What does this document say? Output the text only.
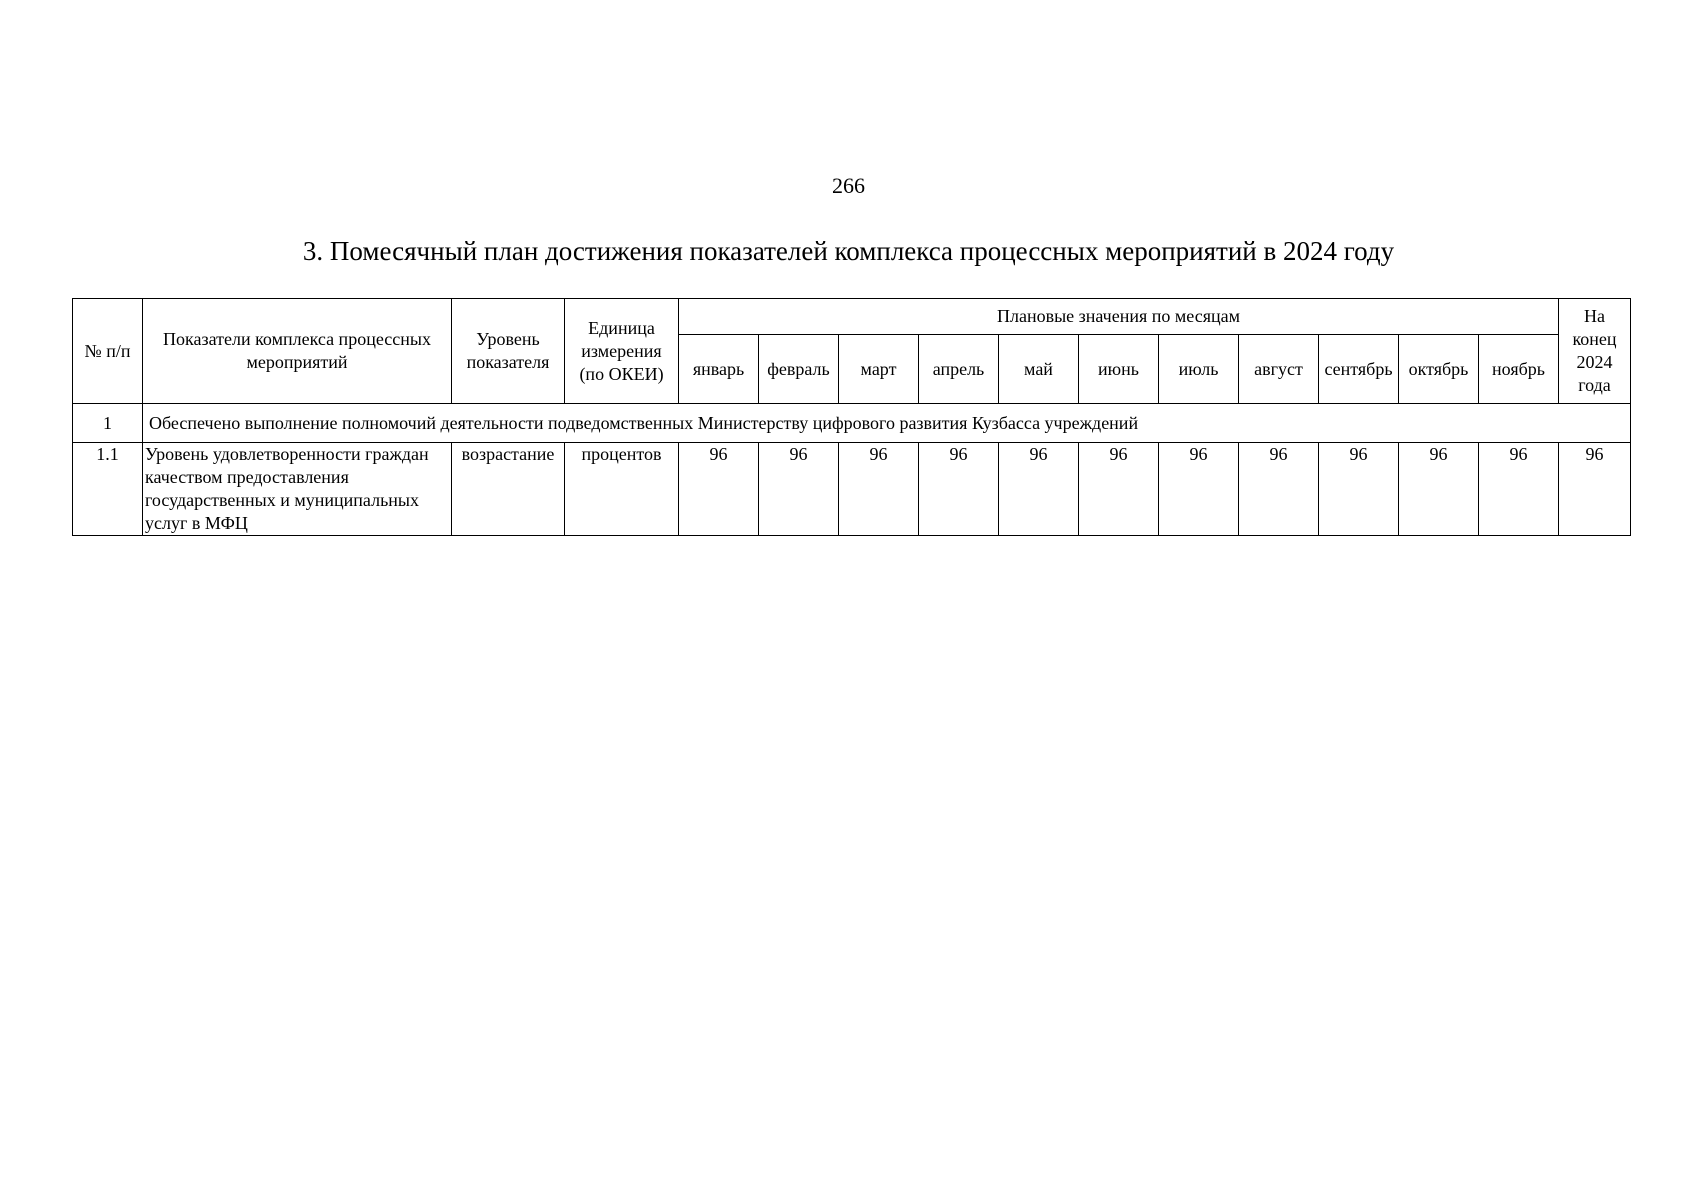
266
3. Помесячный план достижения показателей комплекса процессных мероприятий в 2024 году
№ п/п	Показатели комплекса процессных мероприятий	Уровень показателя	Единица измерения (по ОКЕИ)	Плановые значения по месяцам											На конец 2024 года
				январь	февраль	март	апрель	май	июнь	июль	август	сентябрь	октябрь	ноябрь	
1	Обеспечено выполнение полномочий деятельности подведомственных Министерству цифрового развития Кузбасса учреждений														
1.1	Уровень удовлетворенности граждан качеством предоставления государственных и муниципальных услуг в МФЦ	возрастание	процентов	96	96	96	96	96	96	96	96	96	96	96	96
